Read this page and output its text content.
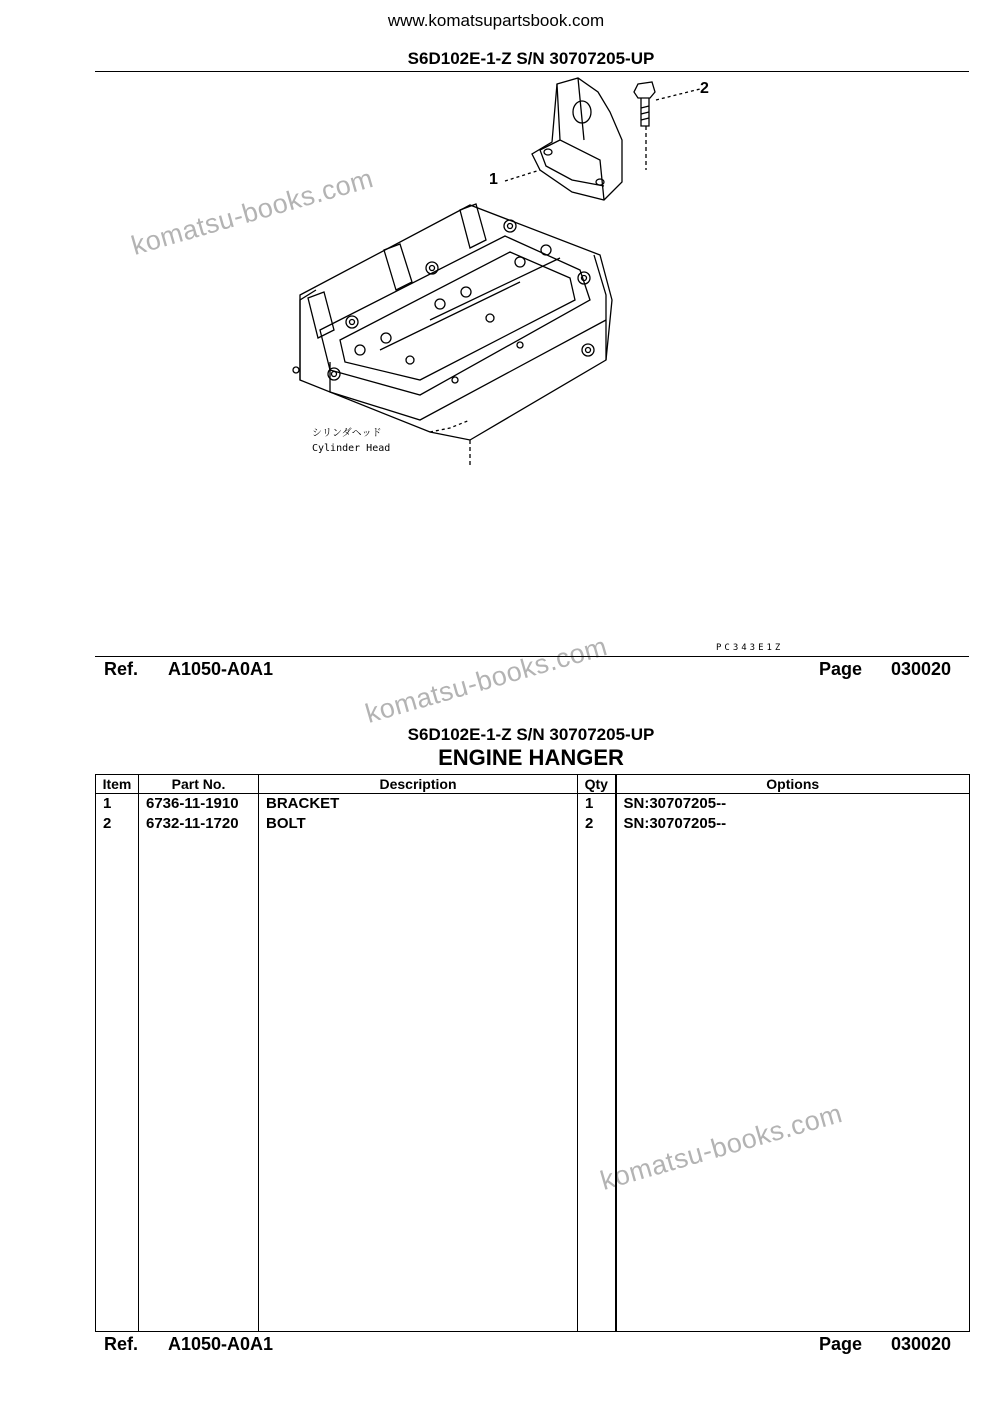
www.komatsupartsbook.com
S6D102E-1-Z S/N 30707205-UP
komatsu-books.com
komatsu-books.com
komatsu-books.com
シリンダヘッド
Cylinder Head
1
2
PC343E1Z
Ref. A1050-A0A1	Page 030020
S6D102E-1-Z S/N 30707205-UP
ENGINE HANGER
Item	Part No.	Description	Qty	Options
1	6736-11-1910	BRACKET	1	SN:30707205--
2	6732-11-1720	BOLT	2	SN:30707205--

Ref. A1050-A0A1	Page 030020
